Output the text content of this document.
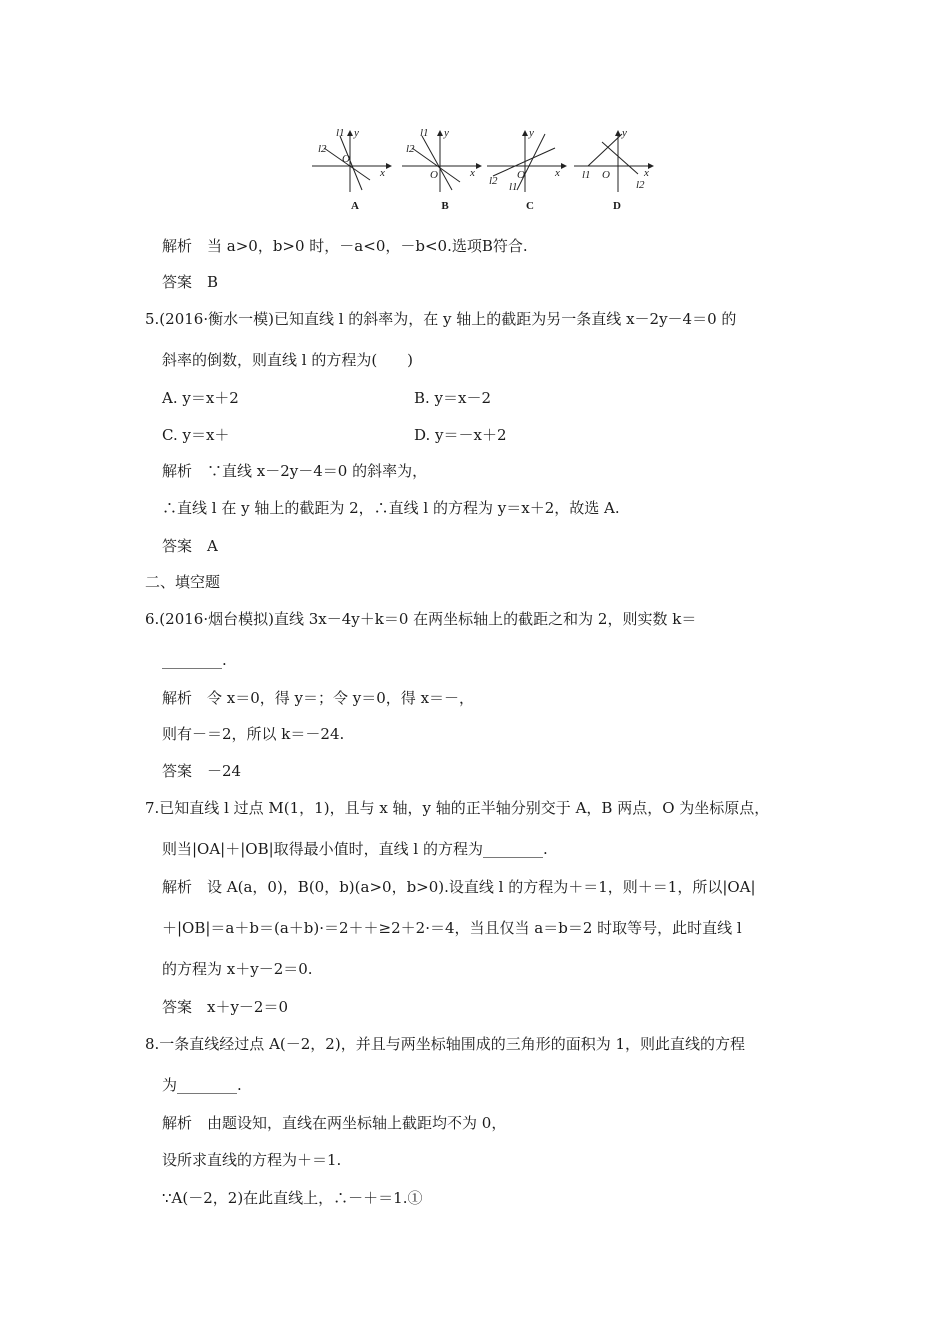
l1
l2
y
O
x
A
l1
l2
y
O	x
B
l1
l2
y
O	x
C
l1
l2
y
O	x
D
解析　当 a>0，b>0 时，－a<0，－b<0.选项B符合.
答案　B
5.(2016·衡水一模)已知直线 l 的斜率为，在 y 轴上的截距为另一条直线 x－2y－4＝0 的
斜率的倒数，则直线 l 的方程为(　　)
A. y＝x＋2	B. y＝x－2
C. y＝x＋	D. y＝－x＋2
解析　∵直线 x－2y－4＝0 的斜率为，
∴直线 l 在 y 轴上的截距为 2，∴直线 l 的方程为 y＝x＋2，故选 A.
答案　A
二、填空题
6.(2016·烟台模拟)直线 3x－4y＋k＝0 在两坐标轴上的截距之和为 2，则实数 k＝
________.
解析　令 x＝0，得 y＝；令 y＝0，得 x＝－，
则有－＝2，所以 k＝－24.
答案　－24
7.已知直线 l 过点 M(1，1)，且与 x 轴，y 轴的正半轴分别交于 A，B 两点，O 为坐标原点，
则当|OA|＋|OB|取得最小值时，直线 l 的方程为________.
解析　设 A(a，0)，B(0，b)(a>0，b>0).设直线 l 的方程为＋＝1，则＋＝1，所以|OA|
＋|OB|＝a＋b＝(a＋b)·＝2＋＋≥2＋2·＝4，当且仅当 a＝b＝2 时取等号，此时直线 l
的方程为 x＋y－2＝0.
答案　x＋y－2＝0
8.一条直线经过点 A(－2，2)，并且与两坐标轴围成的三角形的面积为 1，则此直线的方程
为________.
解析　由题设知，直线在两坐标轴上截距均不为 0，
设所求直线的方程为＋＝1.
∵A(－2，2)在此直线上，∴－＋＝1.①
